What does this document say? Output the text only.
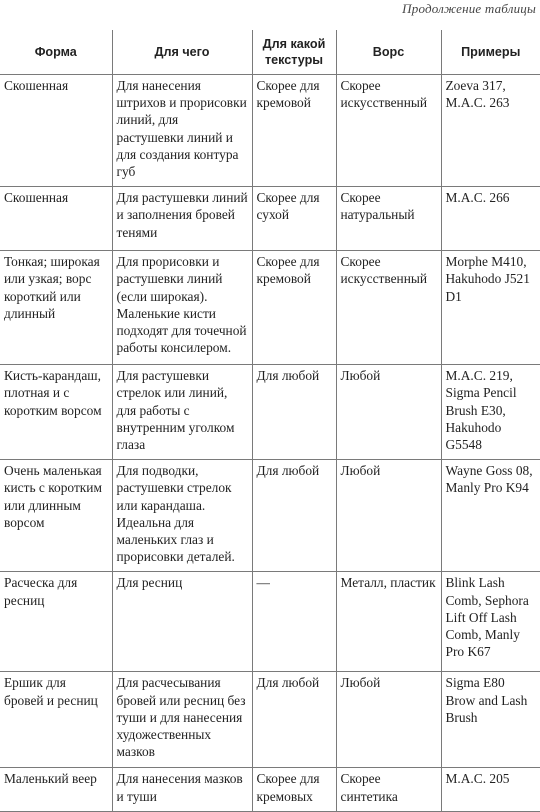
Продолжение таблицы
Форма	Для чего	Для какой текстуры	Ворс	Примеры
Скошенная	Для нанесения штрихов и прорисовки линий, для растушевки линий и для создания контура губ	Скорее для кремовой	Скорее искусственный	Zoeva 317, M.A.C. 263
Скошенная	Для растушевки линий и заполнения бровей тенями	Скорее для сухой	Скорее натуральный	M.A.C. 266
Тонкая; широкая или узкая; ворс короткий или длинный	Для прорисовки и растушевки линий (если широкая). Маленькие кисти подходят для точечной работы консилером.	Скорее для кремовой	Скорее искусственный	Morphe M410, Hakuhodo J521 D1
Кисть-карандаш, плотная и с коротким ворсом	Для растушевки стрелок или линий, для работы с внутренним уголком глаза	Для любой	Любой	M.A.C. 219, Sigma Pencil Brush E30, Hakuhodo G5548
Очень маленькая кисть с коротким или длинным ворсом	Для подводки, растушевки стрелок или карандаша. Идеальна для маленьких глаз и прорисовки деталей.	Для любой	Любой	Wayne Goss 08, Manly Pro K94
Расческа для ресниц	Для ресниц	—	Металл, пластик	Blink Lash Comb, Sephora Lift Off Lash Comb, Manly Pro K67
Ершик для бровей и ресниц	Для расчесывания бровей или ресниц без туши и для нанесения художественных мазков	Для любой	Любой	Sigma E80 Brow and Lash Brush
Маленький веер	Для нанесения мазков и туши	Скорее для кремовых	Скорее синтетика	M.A.C. 205
